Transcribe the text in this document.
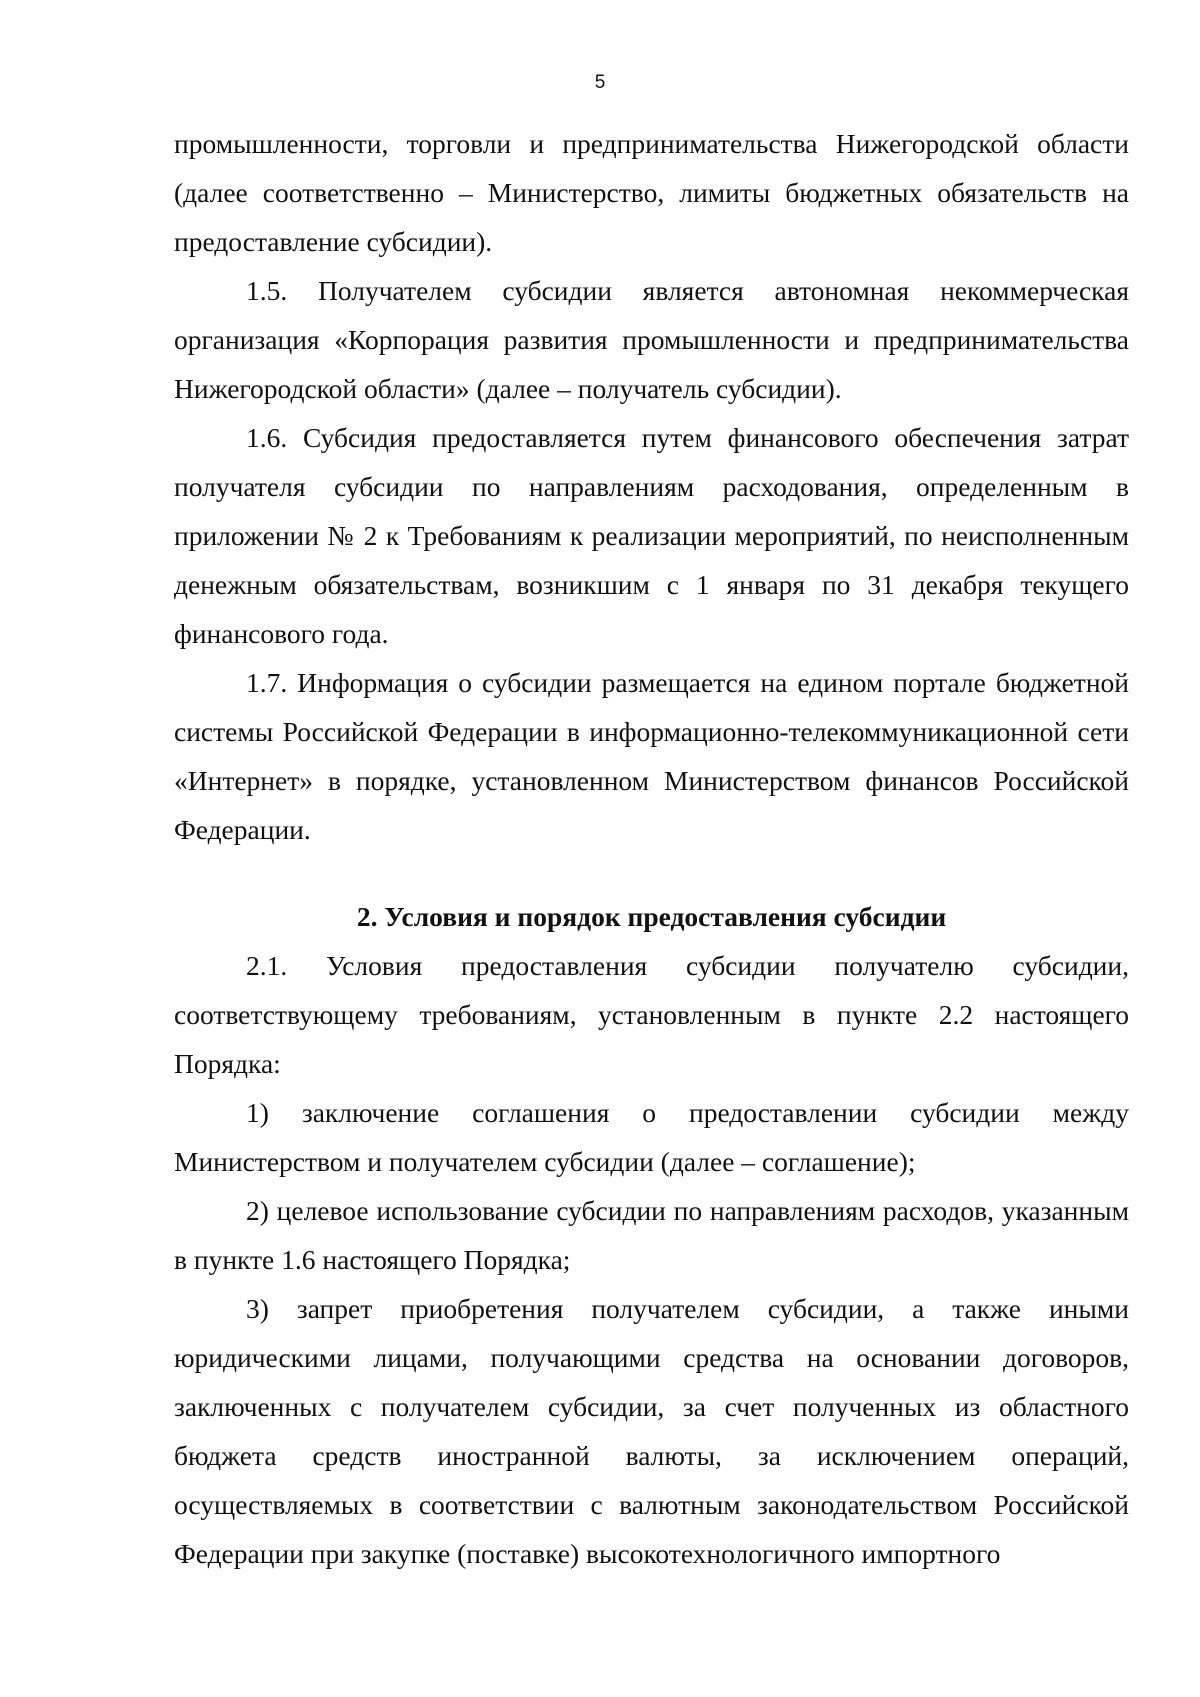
5

промышленности, торговли и предпринимательства Нижегородской области (далее соответственно – Министерство, лимиты бюджетных обязательств на предоставление субсидии).

1.5. Получателем субсидии является автономная некоммерческая организация «Корпорация развития промышленности и предпринимательства Нижегородской области» (далее – получатель субсидии).

1.6. Субсидия предоставляется путем финансового обеспечения затрат получателя субсидии по направлениям расходования, определенным в приложении № 2 к Требованиям к реализации мероприятий, по неисполненным денежным обязательствам, возникшим с 1 января по 31 декабря текущего финансового года.

1.7. Информация о субсидии размещается на едином портале бюджетной системы Российской Федерации в информационно-телекоммуникационной сети «Интернет» в порядке, установленном Министерством финансов Российской Федерации.

2. Условия и порядок предоставления субсидии

2.1. Условия предоставления субсидии получателю субсидии, соответствующему требованиям, установленным в пункте 2.2 настоящего Порядка:

1) заключение соглашения о предоставлении субсидии между Министерством и получателем субсидии (далее – соглашение);

2) целевое использование субсидии по направлениям расходов, указанным в пункте 1.6 настоящего Порядка;

3) запрет приобретения получателем субсидии, а также иными юридическими лицами, получающими средства на основании договоров, заключенных с получателем субсидии, за счет полученных из областного бюджета средств иностранной валюты, за исключением операций, осуществляемых в соответствии с валютным законодательством Российской Федерации при закупке (поставке) высокотехнологичного импортного
